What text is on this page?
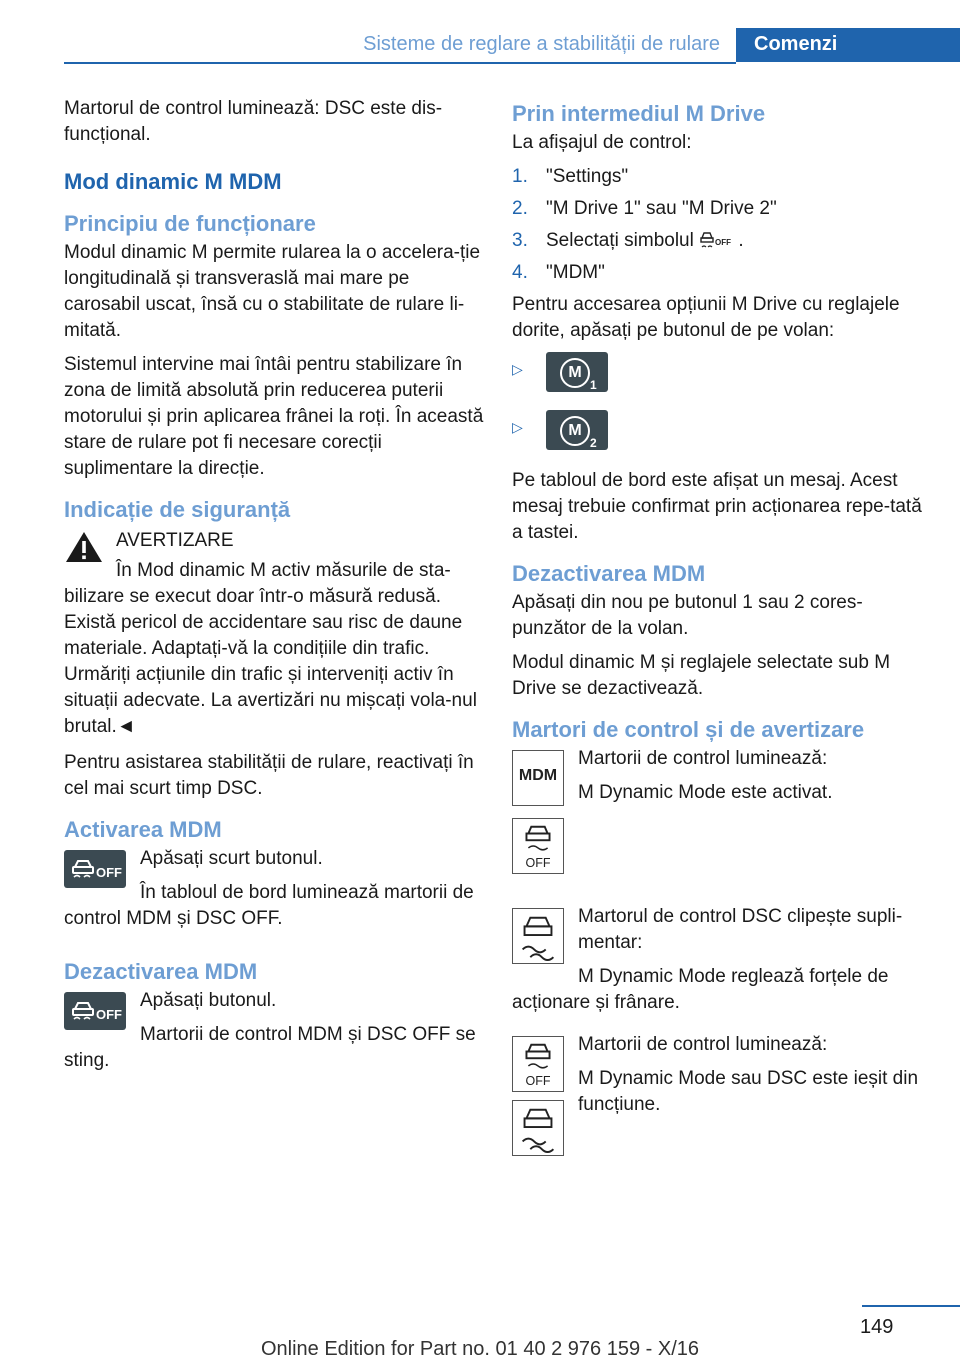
Sisteme de reglare a stabilității de rulare	Comenzi

Martorul de control luminează: DSC este dis-funcțional.

Mod dinamic M MDM
Principiu de funcționare

Modul dinamic M permite rularea la o accelera-ție longitudinală și transveraslă mai mare pe carosabil uscat, însă cu o stabilitate de rulare li-mitată.

Sistemul intervine mai întâi pentru stabilizare în zona de limită absolută prin reducerea puterii motorului și prin aplicarea frânei la roți. În această stare de rulare pot fi necesare corecții suplimentare la direcție.

Indicație de siguranță
AVERTIZARE
În Mod dinamic M activ măsurile de sta-bilizare se execut doar într-o măsură redusă. Există pericol de accidentare sau risc de daune materiale. Adaptați-vă la condițiile din trafic. Urmăriți acțiunile din trafic și interveniți activ în situații adecvate. La avertizări nu mișcați vola-nul brutal.◄

Pentru asistarea stabilității de rulare, reactivați în cel mai scurt timp DSC.

Activarea MDM
OFF

Apăsați scurt butonul.

În tabloul de bord luminează martorii de control MDM și DSC OFF.

Dezactivarea MDM
OFF

Apăsați butonul.

Martorii de control MDM și DSC OFF se sting.

Prin intermediul M Drive

La afișajul de control:

1. "Settings"
2. "M Drive 1" sau "M Drive 2"
3. Selectați simbolul	OFF .
4. "MDM"

Pentru accesarea opțiunii M Drive cu reglajele dorite, apăsați pe butonul de pe volan:

▷	M
1
▷	M
2

Pe tabloul de bord este afișat un mesaj. Acest mesaj trebuie confirmat prin acționarea repe-tată a tastei.

Dezactivarea MDM

Apăsați din nou pe butonul 1 sau 2 cores-punzător de la volan.

Modul dinamic M și reglajele selectate sub M Drive se dezactivează.

Martori de control și de avertizare
MDM
OFF

Martorii de control luminează:

M Dynamic Mode este activat.

Martorul de control DSC clipește supli-mentar:

M Dynamic Mode reglează forțele de acționare și frânare.

OFF

Martorii de control luminează:

M Dynamic Mode sau DSC este ieșit din funcțiune.

149
Online Edition for Part no. 01 40 2 976 159 - X/16
